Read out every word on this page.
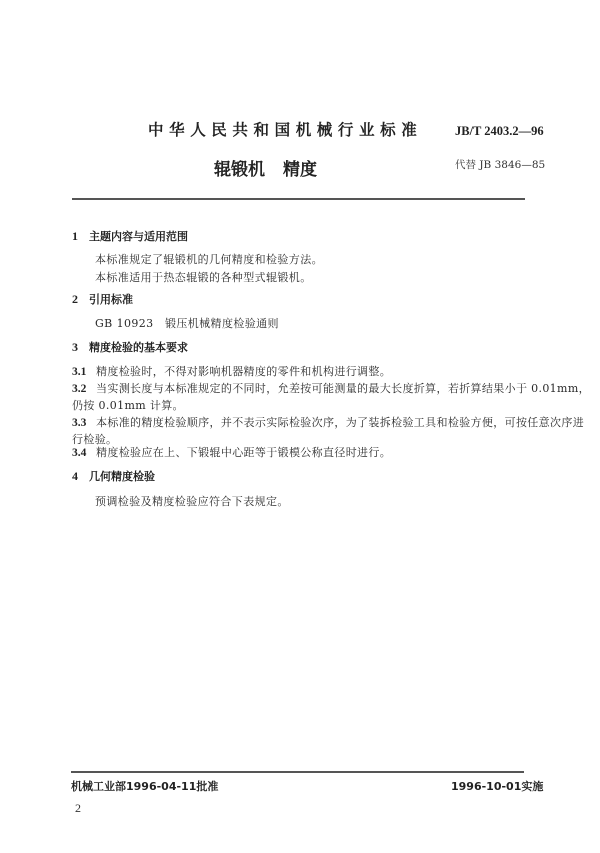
中华人民共和国机械行业标准	JB/T 2403.2—96
辊锻机 精度	代替 JB 3846—85
1 主题内容与适用范围
本标准规定了辊锻机的几何精度和检验方法。
本标准适用于热态辊锻的各种型式辊锻机。
2 引用标准
GB 10923　锻压机械精度检验通则
3 精度检验的基本要求
3.1 精度检验时，不得对影响机器精度的零件和机构进行调整。
3.2 当实测长度与本标准规定的不同时，允差按可能测量的最大长度折算，若折算结果小于 0.01mm，
仍按 0.01mm 计算。
3.3 本标准的精度检验顺序，并不表示实际检验次序，为了装拆检验工具和检验方便，可按任意次序进
行检验。
3.4 精度检验应在上、下锻辊中心距等于锻模公称直径时进行。
4 几何精度检验
预调检验及精度检验应符合下表规定。
机械工业部1996-04-11批准	1996-10-01实施
2
